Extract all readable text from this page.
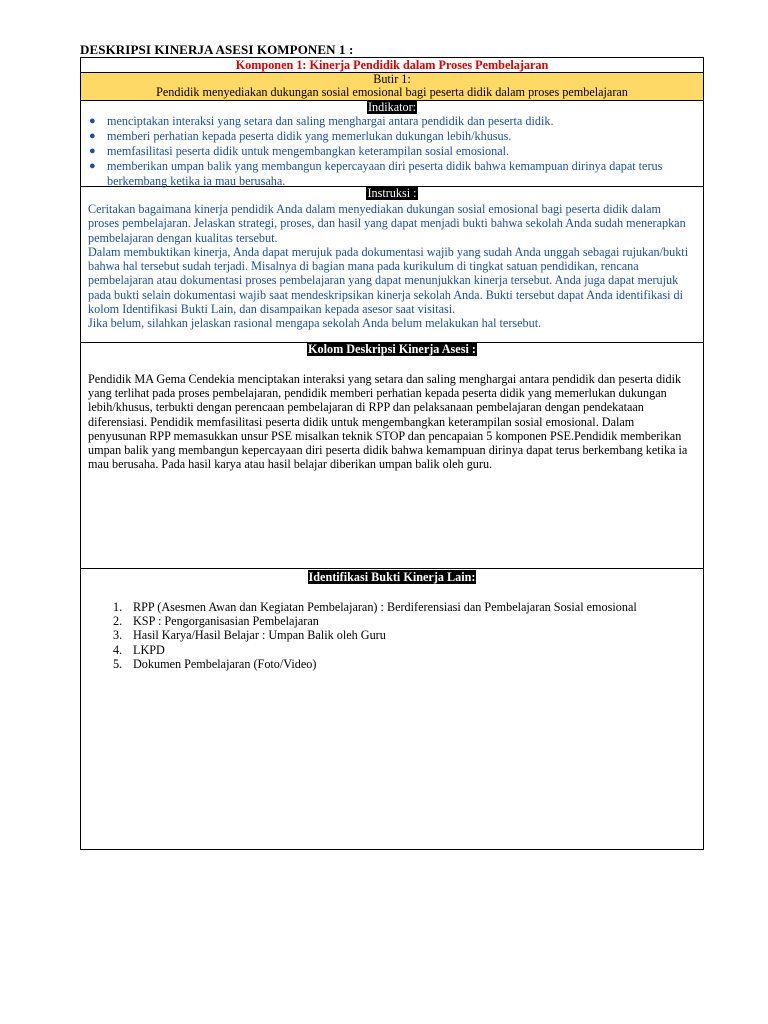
DESKRIPSI KINERJA ASESI KOMPONEN 1 :
Komponen 1: Kinerja Pendidik dalam Proses Pembelajaran
Butir 1:
Pendidik menyediakan dukungan sosial emosional bagi peserta didik dalam proses pembelajaran
Indikator:
● menciptakan interaksi yang setara dan saling menghargai antara pendidik dan peserta didik.
● memberi perhatian kepada peserta didik yang memerlukan dukungan lebih/khusus.
● memfasilitasi peserta didik untuk mengembangkan keterampilan sosial emosional.
● memberikan umpan balik yang membangun kepercayaan diri peserta didik bahwa kemampuan dirinya dapat terus berkembang ketika ia mau berusaha.
Instruksi :
Ceritakan bagaimana kinerja pendidik Anda dalam menyediakan dukungan sosial emosional bagi peserta didik dalam proses pembelajaran. Jelaskan strategi, proses, dan hasil yang dapat menjadi bukti bahwa sekolah Anda sudah menerapkan pembelajaran dengan kualitas tersebut.
Dalam membuktikan kinerja, Anda dapat merujuk pada dokumentasi wajib yang sudah Anda unggah sebagai rujukan/bukti bahwa hal tersebut sudah terjadi. Misalnya di bagian mana pada kurikulum di tingkat satuan pendidikan, rencana pembelajaran atau dokumentasi proses pembelajaran yang dapat menunjukkan kinerja tersebut. Anda juga dapat merujuk pada bukti selain dokumentasi wajib saat mendeskripsikan kinerja sekolah Anda. Bukti tersebut dapat Anda identifikasi di kolom Identifikasi Bukti Lain, dan disampaikan kepada asesor saat visitasi.
Jika belum, silahkan jelaskan rasional mengapa sekolah Anda belum melakukan hal tersebut.
Kolom Deskripsi Kinerja Asesi :
Pendidik MA Gema Cendekia menciptakan interaksi yang setara dan saling menghargai antara pendidik dan peserta didik yang terlihat pada proses pembelajaran, pendidik memberi perhatian kepada peserta didik yang memerlukan dukungan lebih/khusus, terbukti dengan perencaan pembelajaran di RPP dan pelaksanaan pembelajaran dengan pendekataan diferensiasi. Pendidik memfasilitasi peserta didik untuk mengembangkan keterampilan sosial emosional. Dalam penyusunan RPP memasukkan unsur PSE misalkan teknik STOP dan pencapaian 5 komponen PSE.Pendidik memberikan umpan balik yang membangun kepercayaan diri peserta didik bahwa kemampuan dirinya dapat terus berkembang ketika ia mau berusaha. Pada hasil karya atau hasil belajar diberikan umpan balik oleh guru.
Identifikasi Bukti Kinerja Lain:
1. RPP (Asesmen Awan dan Kegiatan Pembelajaran) : Berdiferensiasi dan Pembelajaran Sosial emosional
2. KSP : Pengorganisasian Pembelajaran
3. Hasil Karya/Hasil Belajar : Umpan Balik oleh Guru
4. LKPD
5. Dokumen Pembelajaran (Foto/Video)
